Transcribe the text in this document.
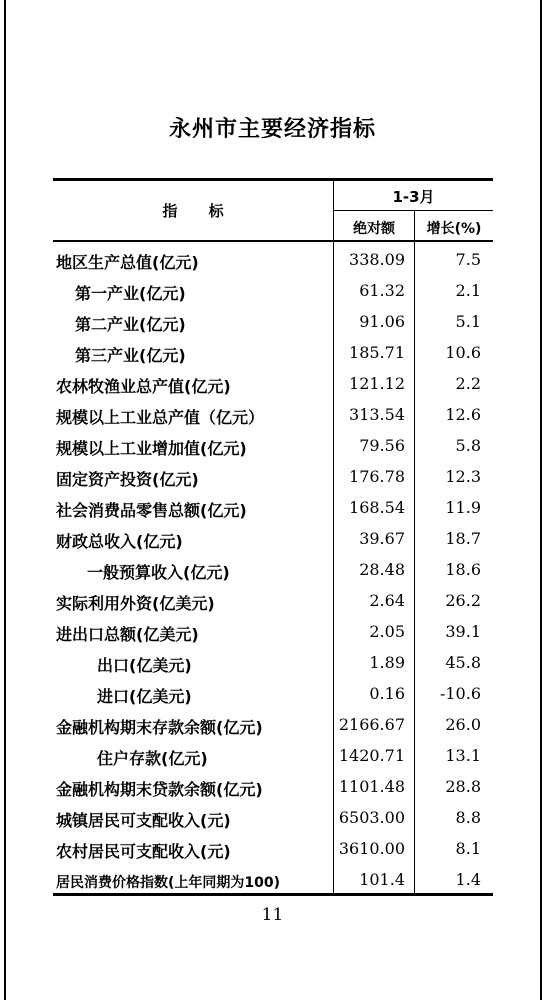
永州市主要经济指标
指      标
1-3月
绝对额	增长(%)
地区生产总值(亿元)	338.09	7.5
第一产业(亿元)	61.32	2.1
第二产业(亿元)	91.06	5.1
第三产业(亿元)	185.71	10.6
农林牧渔业总产值(亿元)	121.12	2.2
规模以上工业总产值（亿元）	313.54	12.6
规模以上工业增加值(亿元)	79.56	5.8
固定资产投资(亿元)	176.78	12.3
社会消费品零售总额(亿元)	168.54	11.9
财政总收入(亿元)	39.67	18.7
一般预算收入(亿元)	28.48	18.6
实际利用外资(亿美元)	2.64	26.2
进出口总额(亿美元)	2.05	39.1
出口(亿美元)	1.89	45.8
进口(亿美元)	0.16	-10.6
金融机构期末存款余额(亿元)	2166.67	26.0
住户存款(亿元)	1420.71	13.1
金融机构期末贷款余额(亿元)	1101.48	28.8
城镇居民可支配收入(元)	6503.00	8.8
农村居民可支配收入(元)	3610.00	8.1
居民消费价格指数(上年同期为100)	101.4	1.4
11
